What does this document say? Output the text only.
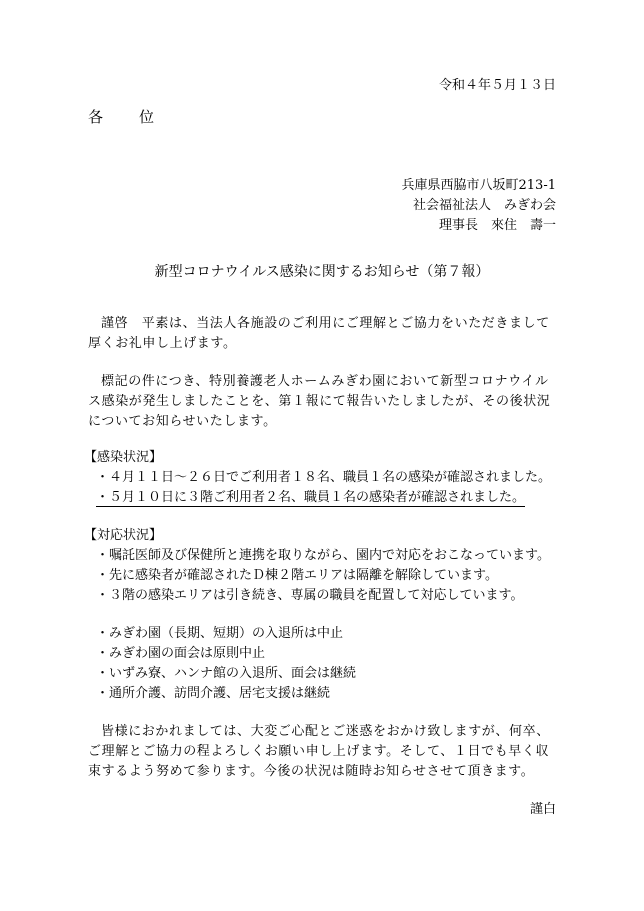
令和４年５月１３日
各　　位
兵庫県西脇市八坂町213-1
社会福祉法人　みぎわ会
理事長　來住　壽一
新型コロナウイルス感染に関するお知らせ（第７報）
謹啓　平素は、当法人各施設のご利用にご理解とご協力をいただきまして厚くお礼申し上げます。
標記の件につき、特別養護老人ホームみぎわ園において新型コロナウイルス感染が発生しましたことを、第１報にて報告いたしましたが、その後状況についてお知らせいたします。
【感染状況】
・４月１１日～２６日でご利用者１８名、職員１名の感染が確認されました。
・５月１０日に３階ご利用者２名、職員１名の感染者が確認されました。
【対応状況】
・嘱託医師及び保健所と連携を取りながら、園内で対応をおこなっています。
・先に感染者が確認されたＤ棟２階エリアは隔離を解除しています。
・３階の感染エリアは引き続き、専属の職員を配置して対応しています。
・みぎわ園（長期、短期）の入退所は中止
・みぎわ園の面会は原則中止
・いずみ寮、ハンナ館の入退所、面会は継続
・通所介護、訪問介護、居宅支援は継続
皆様におかれましては、大変ご心配とご迷惑をおかけ致しますが、何卒、ご理解とご協力の程よろしくお願い申し上げます。そして、１日でも早く収束するよう努めて参ります。今後の状況は随時お知らせさせて頂きます。
謹白
